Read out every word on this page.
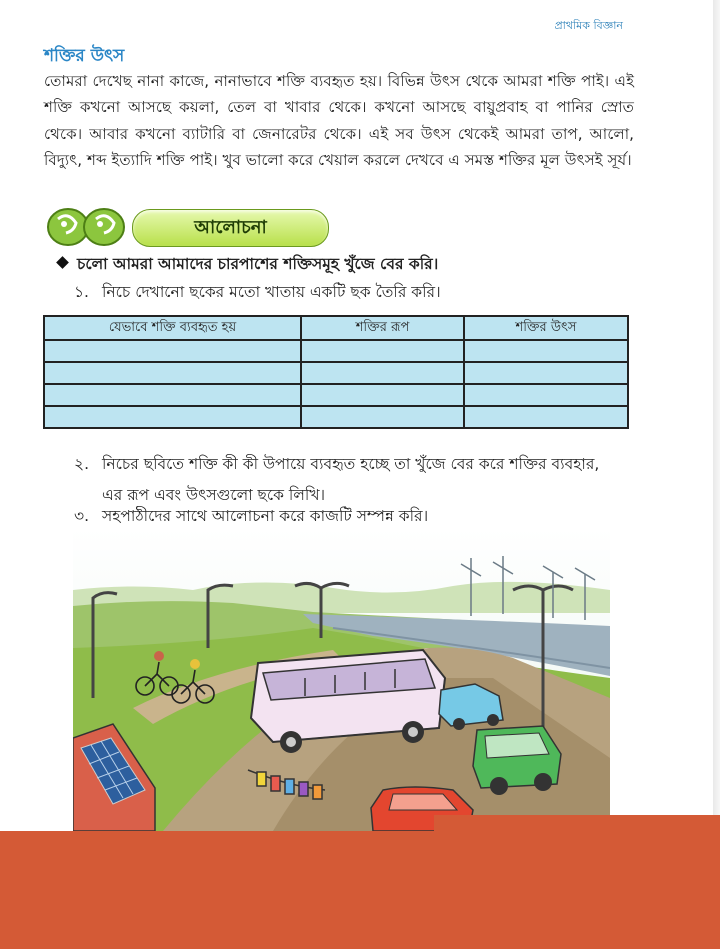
প্রাথমিক বিজ্ঞান
শক্তির উৎস
তোমরা দেখেছ নানা কাজে, নানাভাবে শক্তি ব্যবহৃত হয়। বিভিন্ন উৎস থেকে আমরা শক্তি পাই। এই শক্তি কখনো আসছে কয়লা, তেল বা খাবার থেকে। কখনো আসছে বায়ুপ্রবাহ বা পানির স্রোত থেকে। আবার কখনো ব্যাটারি বা জেনারেটর থেকে। এই সব উৎস থেকেই আমরা তাপ, আলো, বিদ্যুৎ, শব্দ ইত্যাদি শক্তি পাই। খুব ভালো করে খেয়াল করলে দেখবে এ সমস্ত শক্তির মূল উৎসই সূর্য।
আলোচনা
চলো আমরা আমাদের চারপাশের শক্তিসমূহ খুঁজে বের করি।
১. নিচে দেখানো ছকের মতো খাতায় একটি ছক তৈরি করি।
যেভাবে শক্তি ব্যবহৃত হয়	শক্তির রূপ	শক্তির উৎস

২. নিচের ছবিতে শক্তি কী কী উপায়ে ব্যবহৃত হচ্ছে তা খুঁজে বের করে শক্তির ব্যবহার,
এর রূপ এবং উৎসগুলো ছকে লিখি।
৩. সহপাঠীদের সাথে আলোচনা করে কাজটি সম্পন্ন করি।
